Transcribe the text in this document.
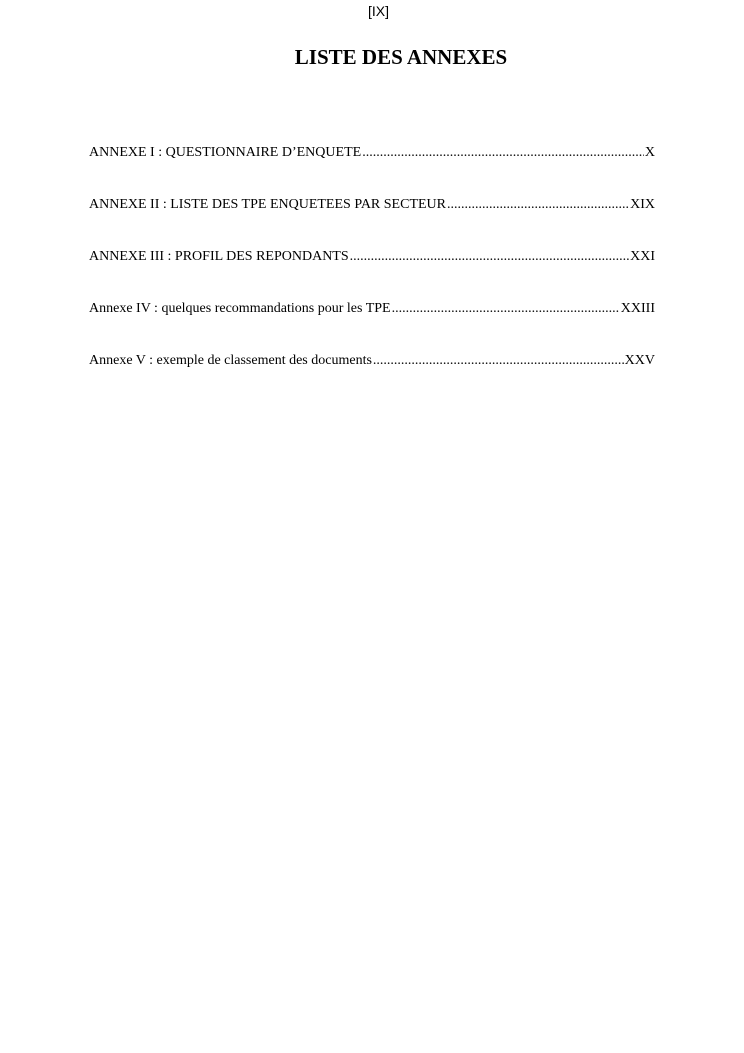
[IX]
LISTE DES ANNEXES
ANNEXE I : QUESTIONNAIRE D’ENQUETE .....	X
ANNEXE II : LISTE DES TPE ENQUETEES PAR SECTEUR .....	XIX
ANNEXE III : PROFIL DES REPONDANTS .....	XXI
Annexe IV : quelques recommandations pour les TPE .....	XXIII
Annexe V : exemple de classement des documents .....	XXV
